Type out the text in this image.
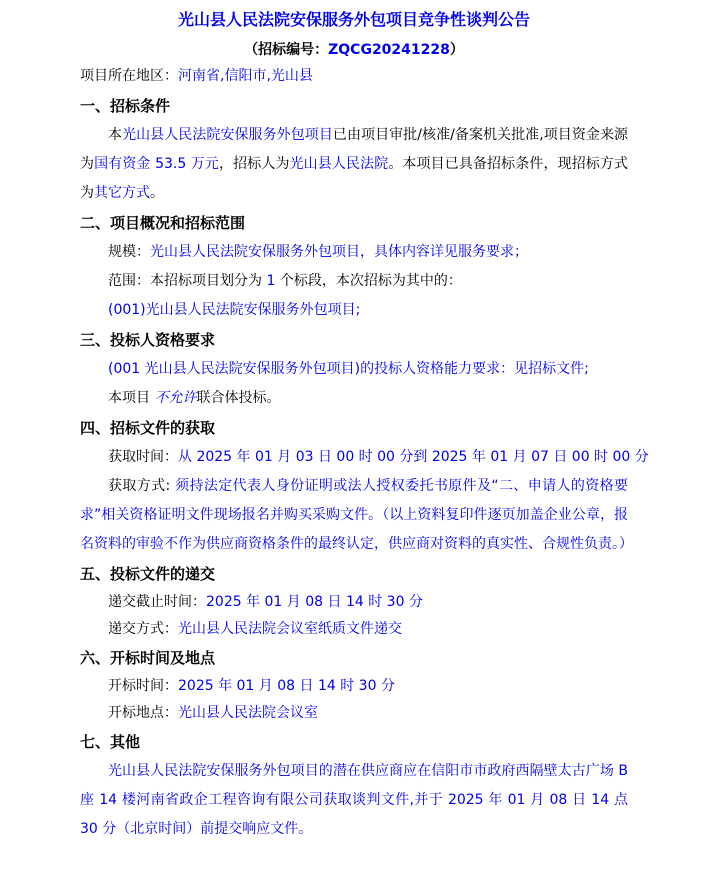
光山县人民法院安保服务外包项目竞争性谈判公告
（招标编号：ZQCG20241228）

项目所在地区：河南省,信阳市,光山县

一、招标条件

本光山县人民法院安保服务外包项目已由项目审批/核准/备案机关批准,项目资金来源为国有资金 53.5 万元，招标人为光山县人民法院。本项目已具备招标条件，现招标方式为其它方式。

二、项目概况和招标范围

规模：光山县人民法院安保服务外包项目，具体内容详见服务要求；

范围：本招标项目划分为 1 个标段，本次招标为其中的：

(001)光山县人民法院安保服务外包项目;

三、投标人资格要求

(001 光山县人民法院安保服务外包项目)的投标人资格能力要求：见招标文件;

本项目 不允许联合体投标。

四、招标文件的获取

获取时间：从 2025 年 01 月 03 日 00 时 00 分到 2025 年 01 月 07 日 00 时 00 分

获取方式: 须持法定代表人身份证明或法人授权委托书原件及“二、申请人的资格要求”相关资格证明文件现场报名并购买采购文件。（以上资料复印件逐页加盖企业公章，报名资料的审验不作为供应商资格条件的最终认定，供应商对资料的真实性、合规性负责。）

五、投标文件的递交

递交截止时间：2025 年 01 月 08 日 14 时 30 分

递交方式：光山县人民法院会议室纸质文件递交

六、开标时间及地点

开标时间：2025 年 01 月 08 日 14 时 30 分

开标地点：光山县人民法院会议室

七、其他

光山县人民法院安保服务外包项目的潜在供应商应在信阳市市政府西隔壁太古广场 B 座 14 楼河南省政企工程咨询有限公司获取谈判文件,并于 2025 年 01 月 08 日 14 点 30 分（北京时间）前提交响应文件。
